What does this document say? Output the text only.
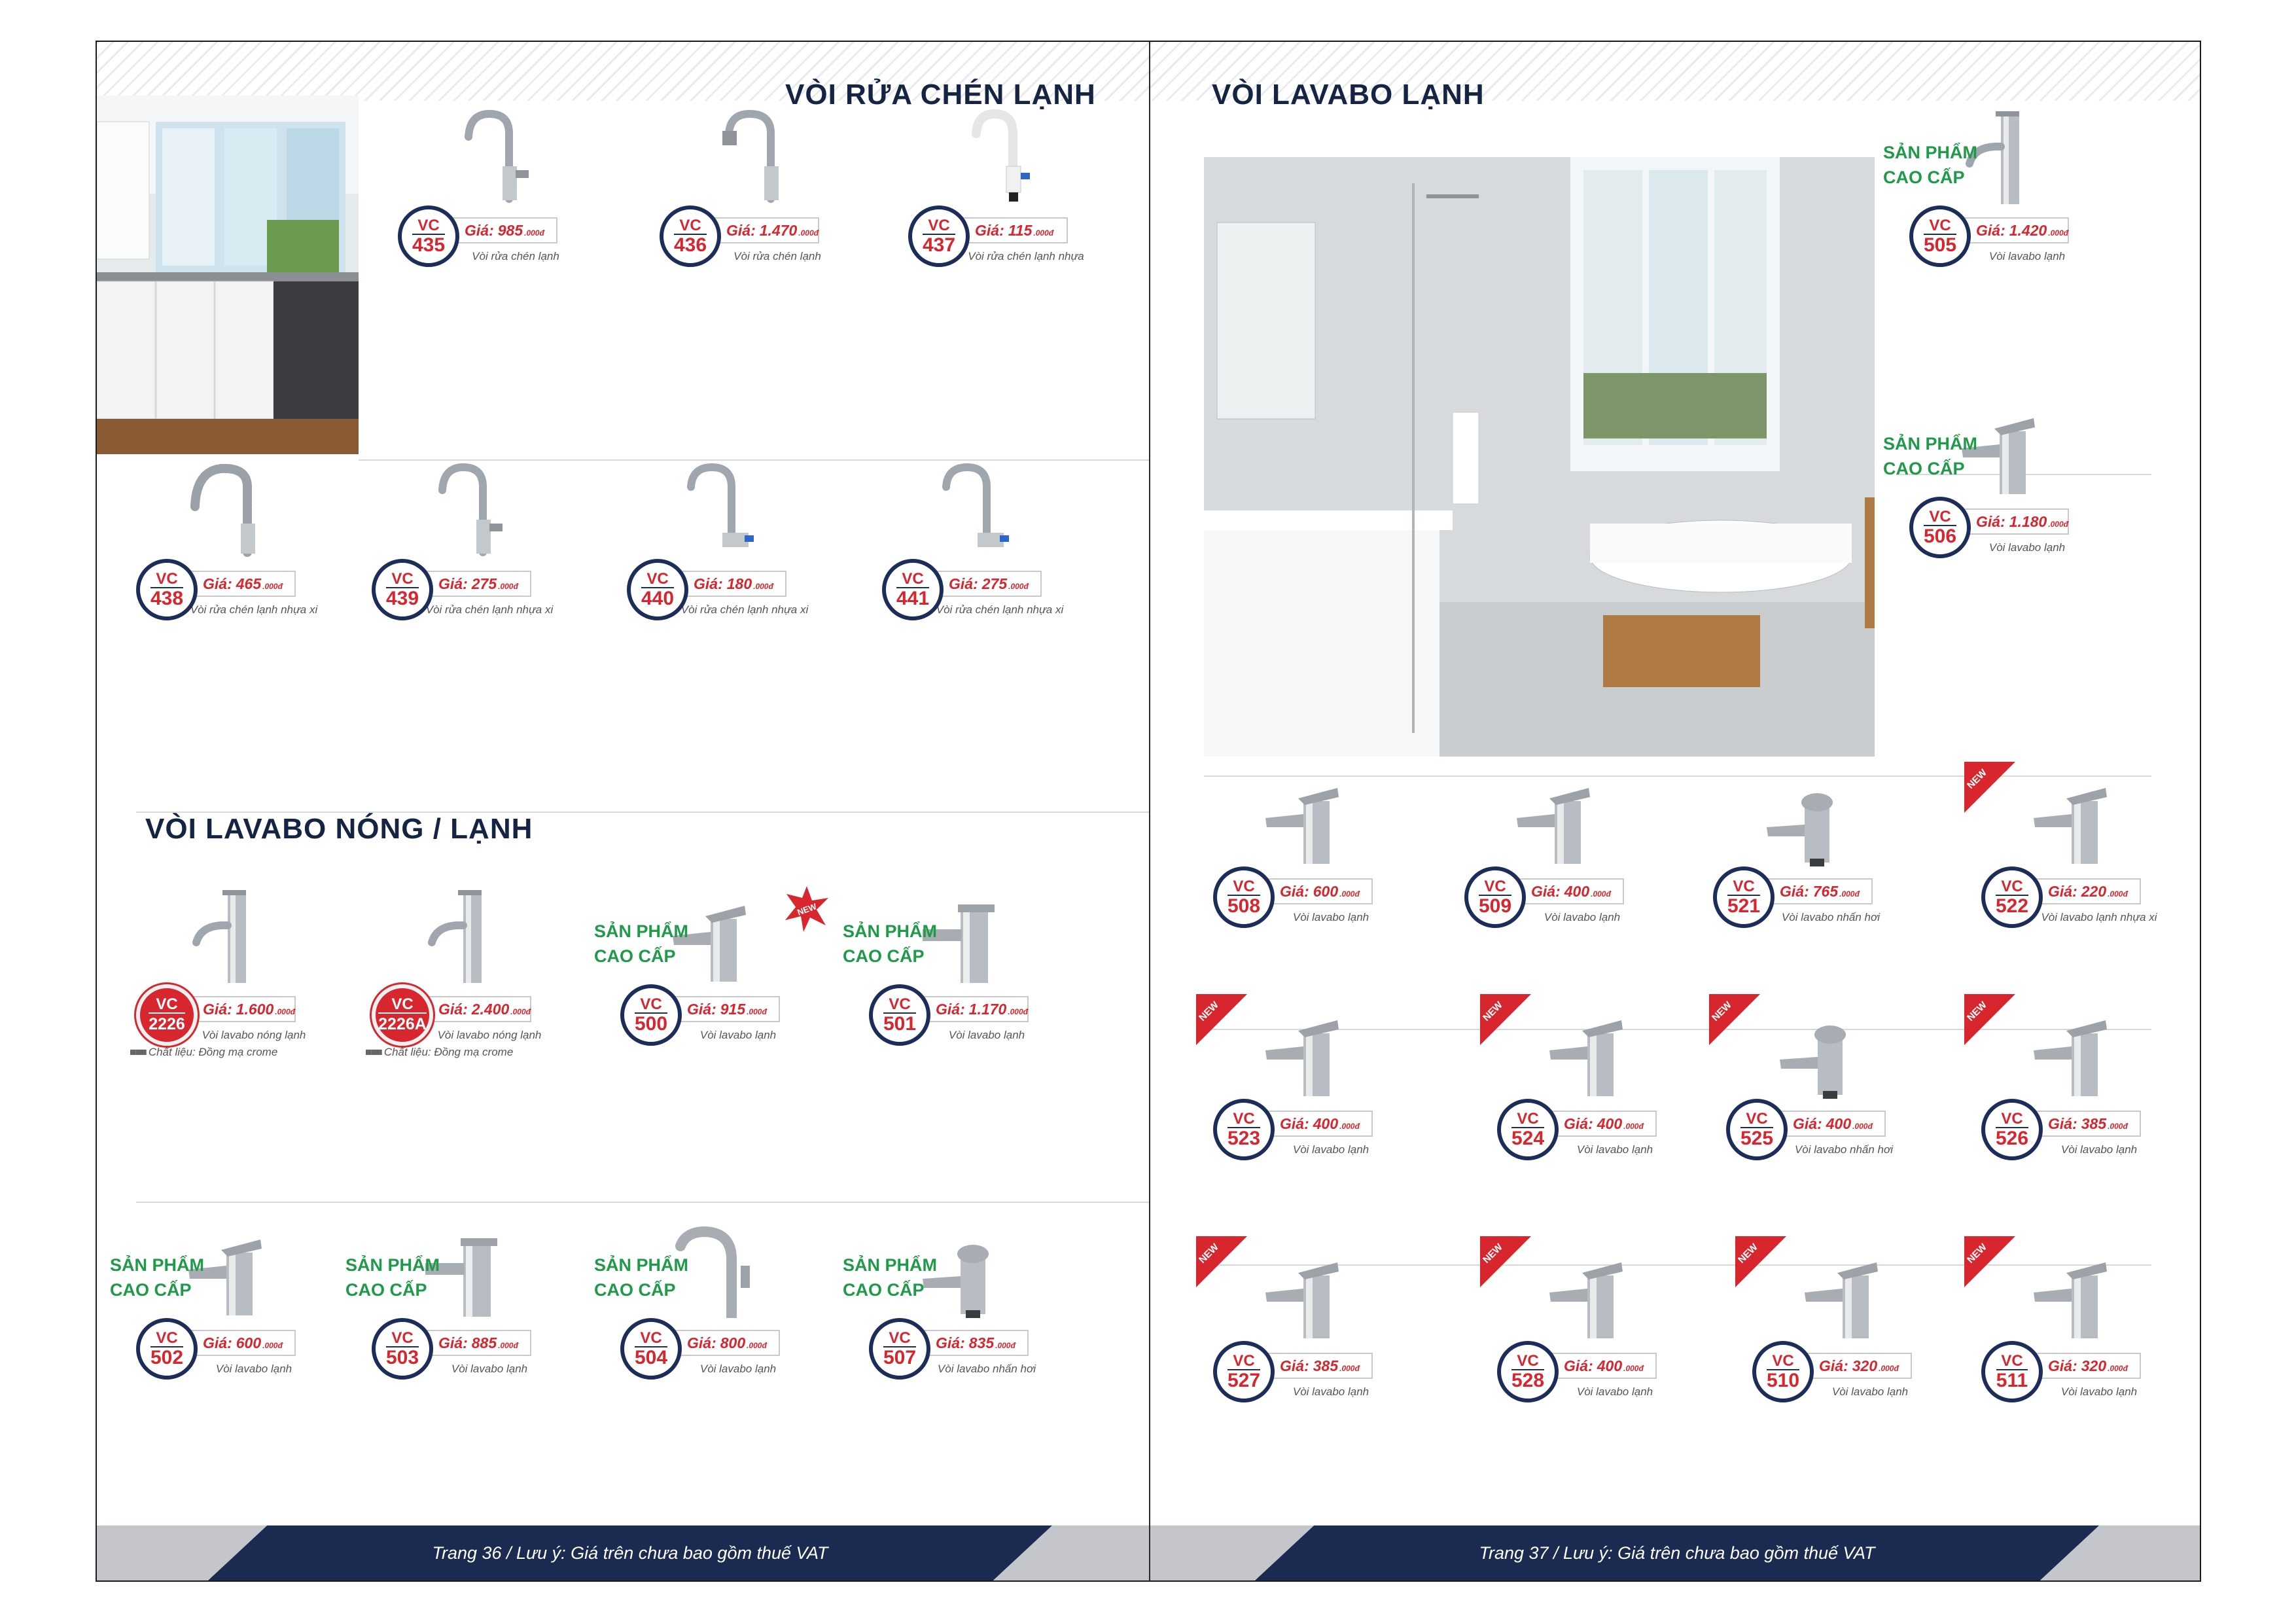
VÒI RỬA CHÉN LẠNH
VÒI LAVABO NÓNG / LẠNH
VC
435
Giá: 985 .000đ
Vòi rửa chén lạnh
VC
436
Giá: 1.470 .000đ
Vòi rửa chén lạnh
VC
437
Giá: 115 .000đ
Vòi rửa chén lạnh nhựa
VC
438
Giá: 465 .000đ
Vòi rửa chén lạnh nhựa xi
VC
439
Giá: 275 .000đ
Vòi rửa chén lạnh nhựa xi
VC
440
Giá: 180 .000đ
Vòi rửa chén lạnh nhựa xi
VC
441
Giá: 275 .000đ
Vòi rửa chén lạnh nhựa xi
VC
2226
Giá: 1.600 .000đ
Vòi lavabo nóng lạnh
■■■ Chất liệu: Đồng mạ crome
VC
2226A
Giá: 2.400 .000đ
Vòi lavabo nóng lạnh
■■■ Chất liệu: Đồng mạ crome
VC
500
Giá: 915 .000đ
Vòi lavabo lạnh
SẢN PHẨM
CAO CẤP
NEW
VC
501
Giá: 1.170 .000đ
Vòi lavabo lạnh
SẢN PHẨM
CAO CẤP
VC
502
Giá: 600 .000đ
Vòi lavabo lạnh
SẢN PHẨM
CAO CẤP
VC
503
Giá: 885 .000đ
Vòi lavabo lạnh
SẢN PHẨM
CAO CẤP
VC
504
Giá: 800 .000đ
Vòi lavabo lạnh
SẢN PHẨM
CAO CẤP
VC
507
Giá: 835 .000đ
Vòi lavabo nhấn hơi
SẢN PHẨM
CAO CẤP
Trang 36 / Lưu ý: Giá trên chưa bao gồm thuế VAT
VÒI LAVABO LẠNH
VC
505
Giá: 1.420 .000đ
Vòi lavabo lạnh
SẢN PHẨM
CAO CẤP
VC
506
Giá: 1.180 .000đ
Vòi lavabo lạnh
SẢN PHẨM
CAO CẤP
VC
508
Giá: 600 .000đ
Vòi lavabo lạnh
VC
509
Giá: 400 .000đ
Vòi lavabo lạnh
VC
521
Giá: 765 .000đ
Vòi lavabo nhấn hơi
VC
522
Giá: 220 .000đ
Vòi lavabo lạnh nhựa xi
NEW
VC
523
Giá: 400 .000đ
Vòi lavabo lạnh
NEW
VC
524
Giá: 400 .000đ
Vòi lavabo lạnh
NEW
VC
525
Giá: 400 .000đ
Vòi lavabo nhấn hơi
NEW
VC
526
Giá: 385 .000đ
Vòi lavabo lạnh
NEW
VC
527
Giá: 385 .000đ
Vòi lavabo lạnh
NEW
VC
528
Giá: 400 .000đ
Vòi lavabo lạnh
NEW
VC
510
Giá: 320 .000đ
Vòi lavabo lạnh
NEW
VC
511
Giá: 320 .000đ
Vòi lavabo lạnh
NEW
Trang 37 / Lưu ý: Giá trên chưa bao gồm thuế VAT
